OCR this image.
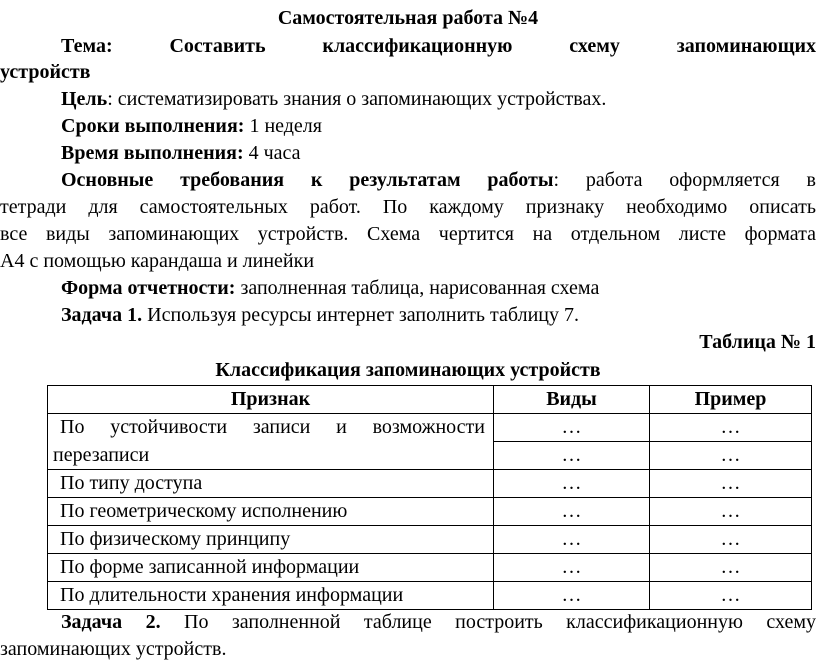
Самостоятельная работа №4
Тема:	Составить	классификационную	схему	запоминающих
устройств
Цель: систематизировать знания о запоминающих устройствах.
Сроки выполнения: 1 неделя
Время выполнения: 4 часа
Основные требования к результатам работы: работа оформляется в
тетради для самостоятельных работ. По каждому признаку необходимо описать
все виды запоминающих устройств. Схема чертится на отдельном листе формата
А4 с помощью карандаша и линейки
Форма отчетности: заполненная таблица, нарисованная схема
Задача 1. Используя ресурсы интернет заполнить таблицу 7.
Таблица № 1
Классификация запоминающих устройств
Признак	Виды	Пример

По устойчивости записи и возможности	…	…
перезаписи	…	…
По типу доступа	…	…
По геометрическому исполнению	…	…
По физическому принципу	…	…
По форме записанной информации	…	…
По длительности хранения информации	…	…
Задача 2. По заполненной таблице построить классификационную схему
запоминающих устройств.
